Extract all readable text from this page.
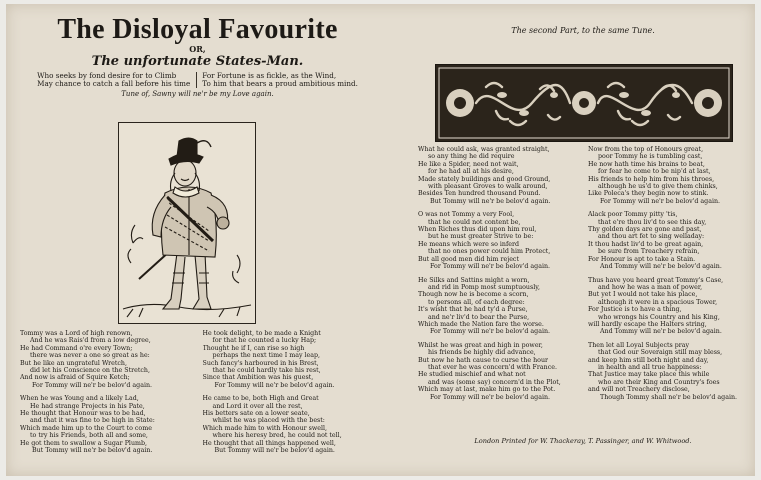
The Disloyal Favourite
OR,
The unfortunate States-Man.
Who seeks by fond desire for to Climb
May chance to catch a fall before his time
For Fortune is as fickle, as the Wind,
To him that bears a proud ambitious mind.
Tune of, Sawny will ne'r be my Love again.
Tommy was a Lord of high renown,
And he was Rais'd from a low degree,
He had Command o're every Town;
there was never a one so great as he:
But he like an ungrateful Wretch,
did let his Conscience on the Stretch,
And now is afraid of Squire Ketch;
For Tommy will ne'r be belov'd again.
When he was Young and a likely Lad,
He had strange Projects in his Pate,
He thought that Honour was to be had,
and that it was fine to be high in State:
Which made him up to the Court to come
to try his Friends, both all and some,
He got them to swallow a Sugar Plumb,
But Tommy will ne'r be belov'd again.
He took delight, to be made a Knight
for that he counted a lucky Hap;
Thought he if I, can rise so high
perhaps the next time I may leap,
Such fancy's harboured in his Brest,
that he could hardly take his rest,
Since that Ambition was his guest,
For Tommy will ne'r be belov'd again.
He came to be, both High and Great
and Lord it over all the rest,
His betters sate on a lower seate,
whilst he was placed with the best:
Which made him to with Honour swell,
where his heresy bred, he could not tell,
He thought that all things happened well,
But Tommy will ne'r be belov'd again.
The second Part, to the same Tune.
What he could ask, was granted straight,
so any thing he did require
He like a Spider, need not wait,
for he had all at his desire,
Made stately buildings and good Ground,
with pleasant Groves to walk around,
Besides Ten hundred thousand Pound.
But Tommy will ne'r be belov'd again.
O was not Tommy a very Fool,
that he could not content be,
When Riches thus did upon him roul,
but he must greater Strive to be:
He means which were so inferd
that no ones power could him Protect,
But all good men did him reject
For Tommy will ne'r be belov'd again.
He Silks and Sattins might a worn,
and rid in Pomp most sumptuously,
Though now he is become a scorn,
to persons all, of each degree:
It's wisht that he had ty'd a Purse,
and ne'r liv'd to bear the Purse,
Which made the Nation fare the worse.
For Tommy will ne'r be belov'd again.
Whilst he was great and high in power,
his friends be highly did advance,
But now he hath cause to curse the hour
that ever he was concern'd with France.
He studied mischief and what not
and was (some say) concern'd in the Plot,
Which may at last, make him go to the Pot.
For Tommy will ne'r be belov'd again.
Now from the top of Honours great,
poor Tommy he is tumbling cast,
He now hath time his brains to beat,
for fear he come to be nip'd at last,
His friends to help him from his throes,
although he us'd to give them chinks,
Like Poleca's they begin now to stink.
For Tommy will ne'r be belov'd again.
Alack poor Tommy pitty 'tis,
that e're thou liv'd to see this day,
Thy golden days are gone and past,
and thou art fet to sing welladay:
It thou hadst liv'd to be great again,
be sure from Treachery refrain,
For Honour is apt to take a Stain.
And Tommy will ne'r be belov'd again.
Thus have you heard great Tommy's Case,
and how he was a man of power,
But yet I would not take his place,
although it were in a spacious Tower,
For Justice is to have a thing,
who wrongs his Country and his King,
will hardly escape the Halters string,
And Tommy will ne'r be belov'd again.
Then let all Loyal Subjects pray
that God our Soveraign still may bless,
and keep him still both night and day,
in health and all true happiness:
That Justice may take place this while
who are their King and Country's foes
and will not Treachery disclose,
Though Tommy shall ne'r be belov'd again.
London Printed for W. Thackeray, T. Passinger, and W. Whitwood.
